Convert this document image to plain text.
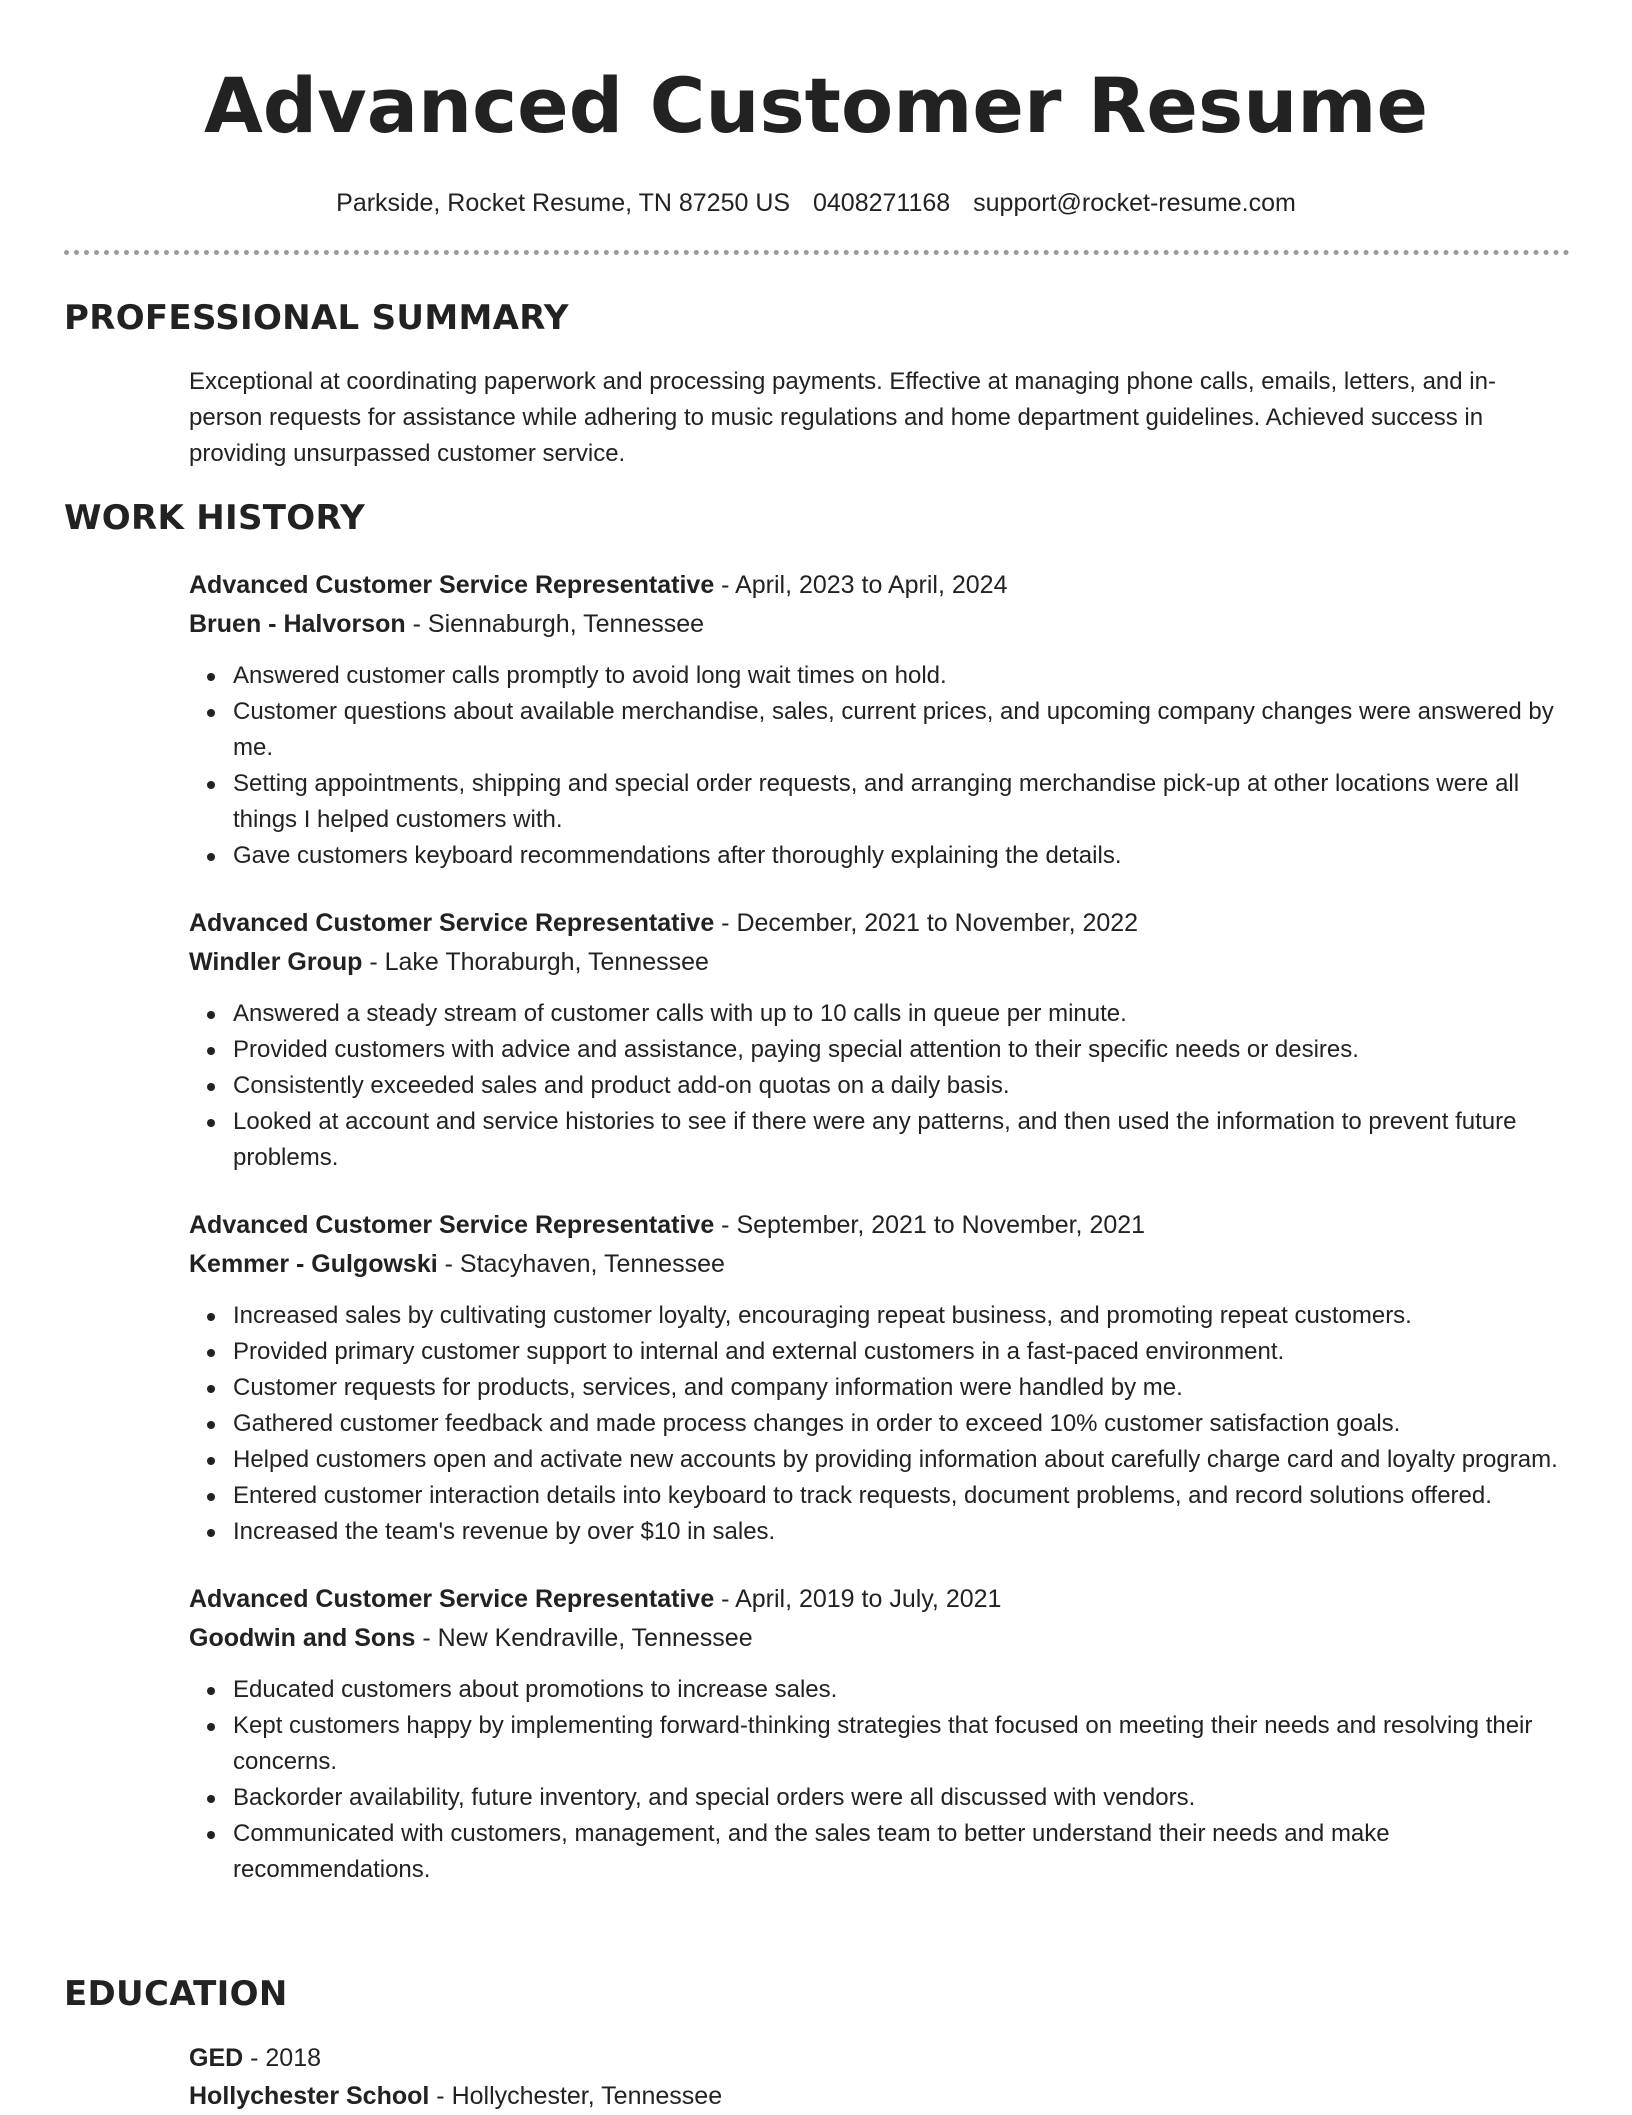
Advanced Customer Resume
Parkside, Rocket Resume, TN 87250 US 0408271168 support@rocket-resume.com
PROFESSIONAL SUMMARY

Exceptional at coordinating paperwork and processing payments. Effective at managing phone calls, emails, letters, and in-person requests for assistance while adhering to music regulations and home department guidelines. Achieved success in providing unsurpassed customer service.

WORK HISTORY
Advanced Customer Service Representative - April, 2023 to April, 2024
Bruen - Halvorson - Siennaburgh, Tennessee
Answered customer calls promptly to avoid long wait times on hold.
Customer questions about available merchandise, sales, current prices, and upcoming company changes were answered by me.
Setting appointments, shipping and special order requests, and arranging merchandise pick-up at other locations were all things I helped customers with.
Gave customers keyboard recommendations after thoroughly explaining the details.
Advanced Customer Service Representative - December, 2021 to November, 2022
Windler Group - Lake Thoraburgh, Tennessee
Answered a steady stream of customer calls with up to 10 calls in queue per minute.
Provided customers with advice and assistance, paying special attention to their specific needs or desires.
Consistently exceeded sales and product add-on quotas on a daily basis.
Looked at account and service histories to see if there were any patterns, and then used the information to prevent future problems.
Advanced Customer Service Representative - September, 2021 to November, 2021
Kemmer - Gulgowski - Stacyhaven, Tennessee
Increased sales by cultivating customer loyalty, encouraging repeat business, and promoting repeat customers.
Provided primary customer support to internal and external customers in a fast-paced environment.
Customer requests for products, services, and company information were handled by me.
Gathered customer feedback and made process changes in order to exceed 10% customer satisfaction goals.
Helped customers open and activate new accounts by providing information about carefully charge card and loyalty program.
Entered customer interaction details into keyboard to track requests, document problems, and record solutions offered.
Increased the team's revenue by over $10 in sales.
Advanced Customer Service Representative - April, 2019 to July, 2021
Goodwin and Sons - New Kendraville, Tennessee
Educated customers about promotions to increase sales.
Kept customers happy by implementing forward-thinking strategies that focused on meeting their needs and resolving their concerns.
Backorder availability, future inventory, and special orders were all discussed with vendors.
Communicated with customers, management, and the sales team to better understand their needs and make recommendations.
EDUCATION
GED - 2018
Hollychester School - Hollychester, Tennessee
